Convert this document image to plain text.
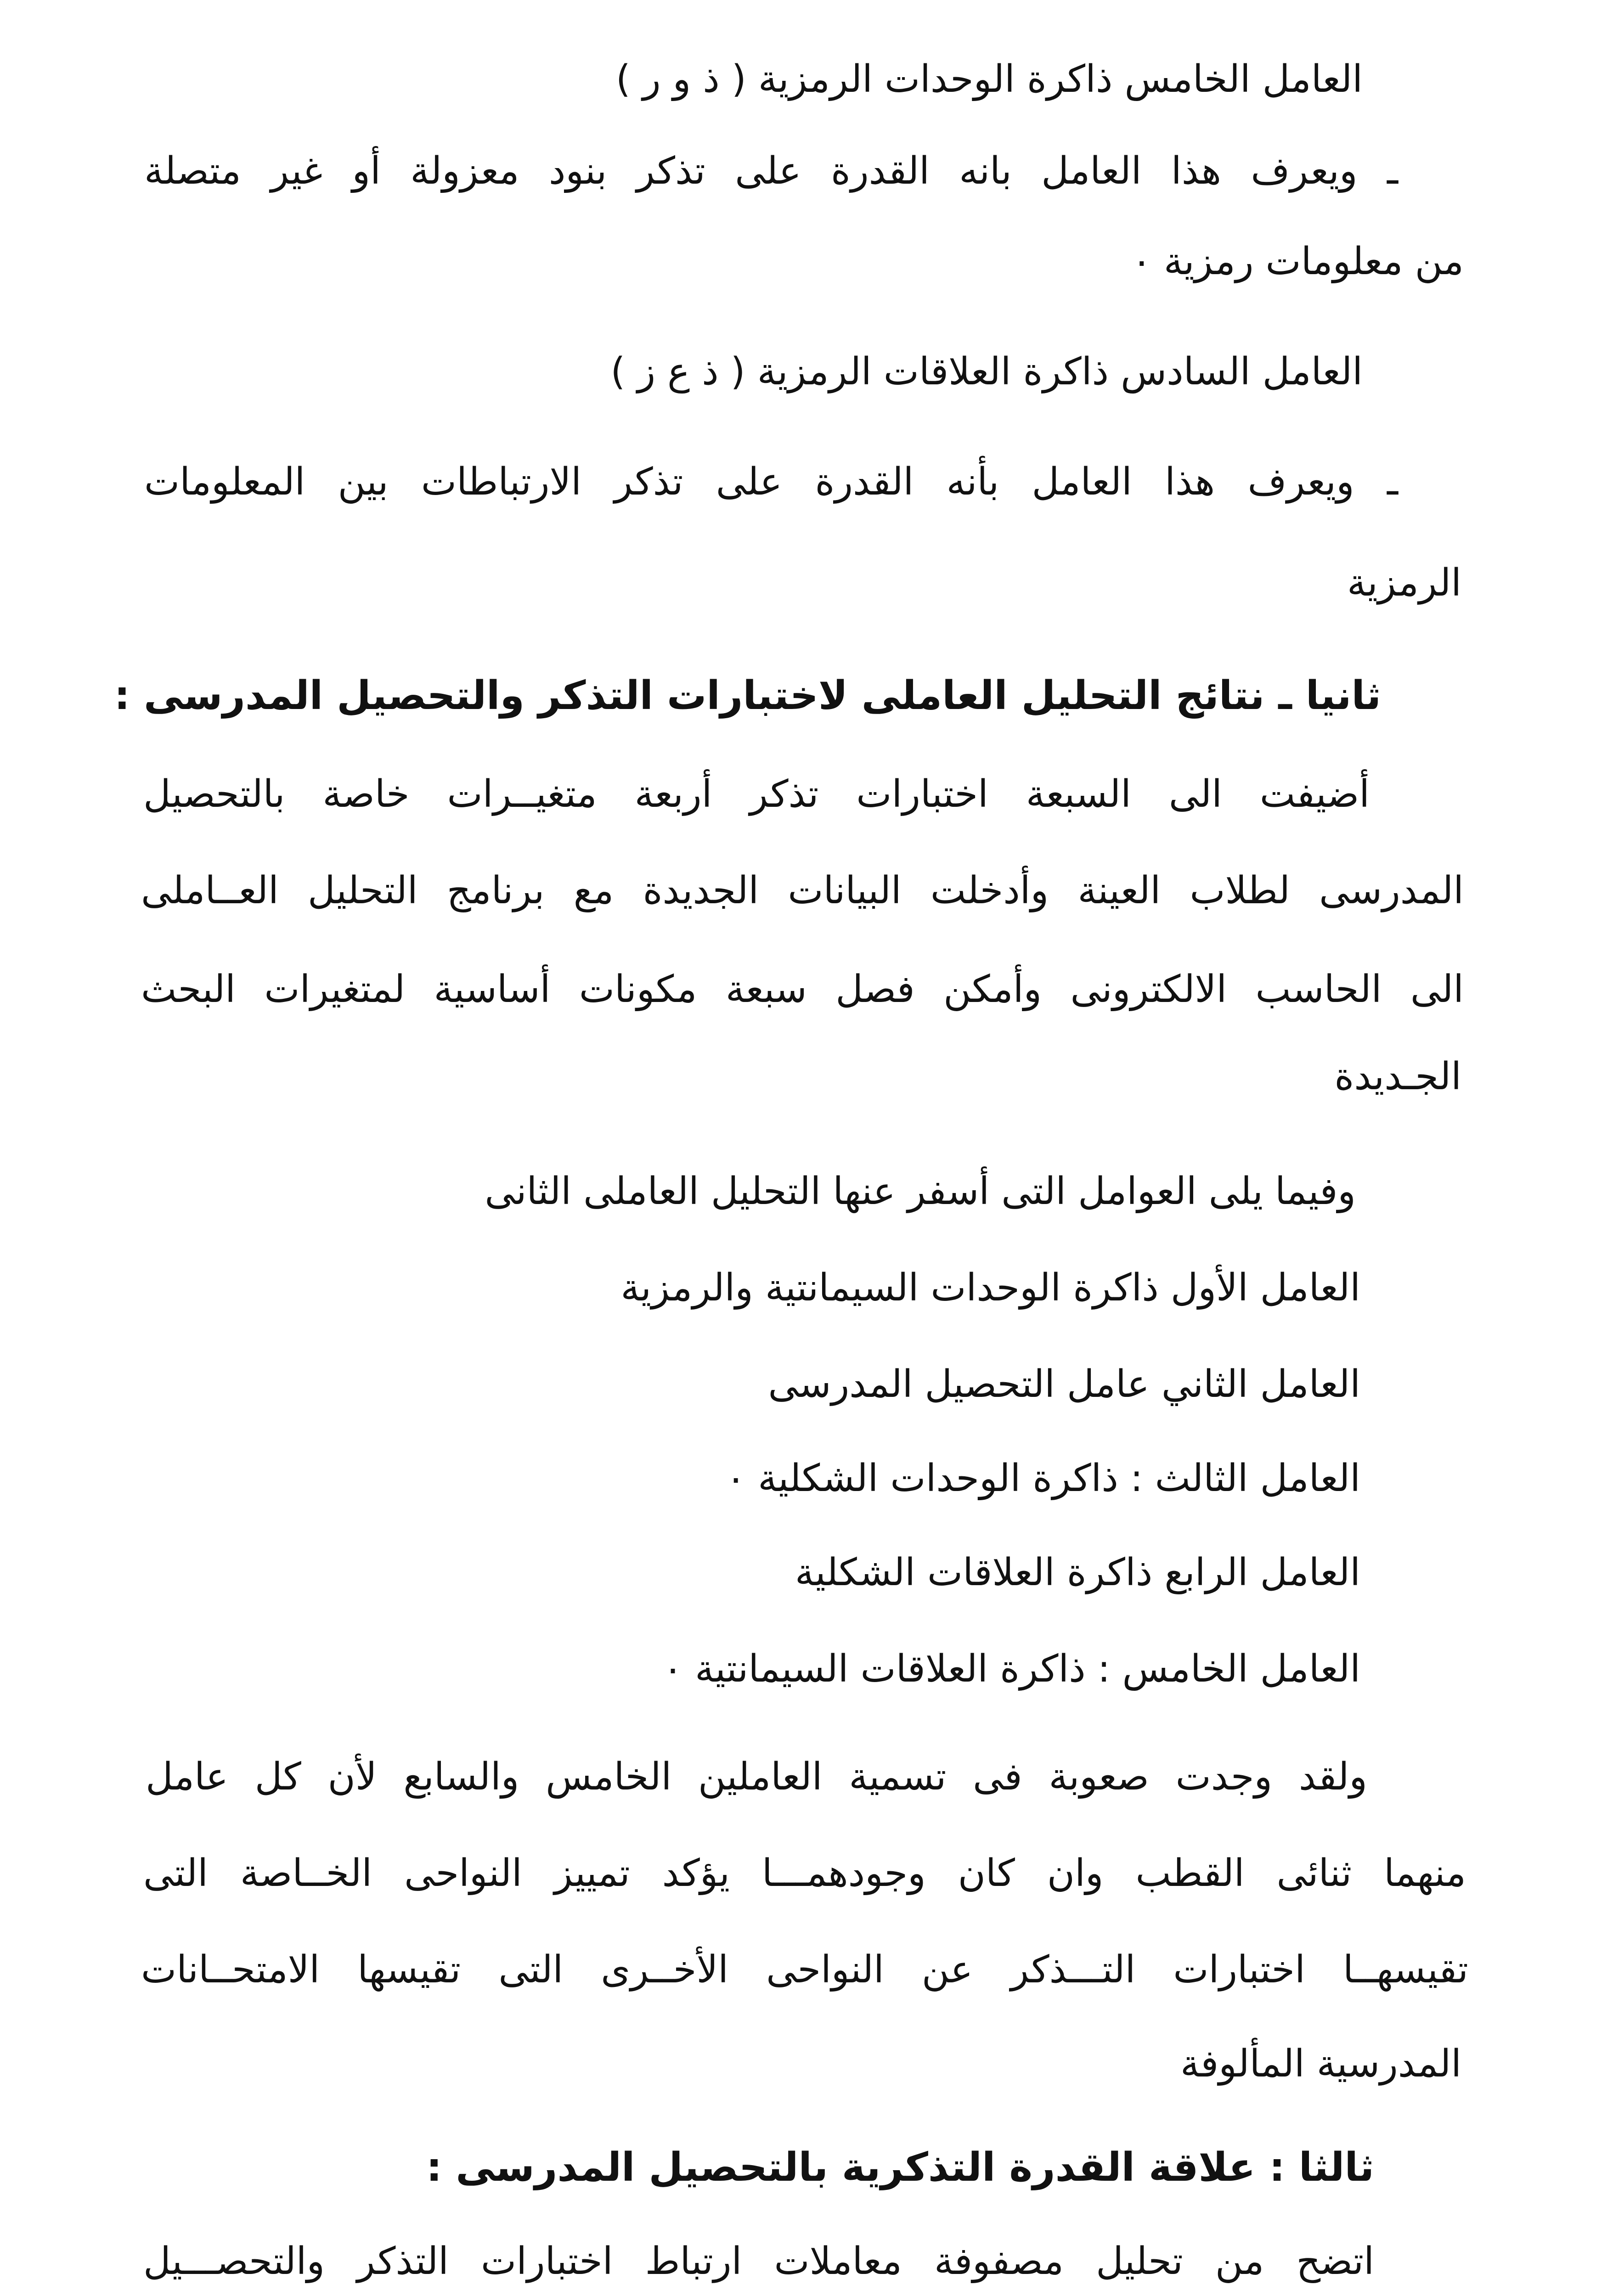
العامل الخامس ذاكرة الوحدات الرمزية ( ذ و ر )
ـ ويعرف هذا العامل بانه القدرة على تذكر بنود معزولة أو غير متصلة
من معلومات رمزية ٠
العامل السادس ذاكرة العلاقات الرمزية ( ذ ع ز )
ـ ويعرف هذا العامل بأنه القدرة على تذكر الارتباطات بين المعلومات
الرمزية
ثانيا ـ نتائج التحليل العاملى لاختبارات التذكر والتحصيل المدرسى :
أضيفت الى السبعة اختبارات تذكر أربعة متغيــرات خاصة بالتحصيل
المدرسى لطلاب العينة وأدخلت البيانات الجديدة مع برنامج التحليل العــاملى
الى الحاسب الالكترونى وأمكن فصل سبعة مكونات أساسية لمتغيرات البحث
الجـديدة
وفيما يلى العوامل التى أسفر عنها التحليل العاملى الثانى
العامل الأول ذاكرة الوحدات السيمانتية والرمزية
العامل الثاني عامل التحصيل المدرسى
العامل الثالث : ذاكرة الوحدات الشكلية ٠
العامل الرابع ذاكرة العلاقات الشكلية
العامل الخامس : ذاكرة العلاقات السيمانتية ٠
ولقد وجدت صعوبة فى تسمية العاملين الخامس والسابع لأن كل عامل
منهما ثنائى القطب وان كان وجودهمـــا يؤكد تمييز النواحى الخــاصة التى
تقيسهــا اختبارات التـــذكر عن النواحى الأخــرى التى تقيسها الامتحــانات
المدرسية المألوفة
ثالثا : علاقة القدرة التذكرية بالتحصيل المدرسى :
اتضح من تحليل مصفوفة معاملات ارتباط اختبارات التذكر والتحصـــيل
